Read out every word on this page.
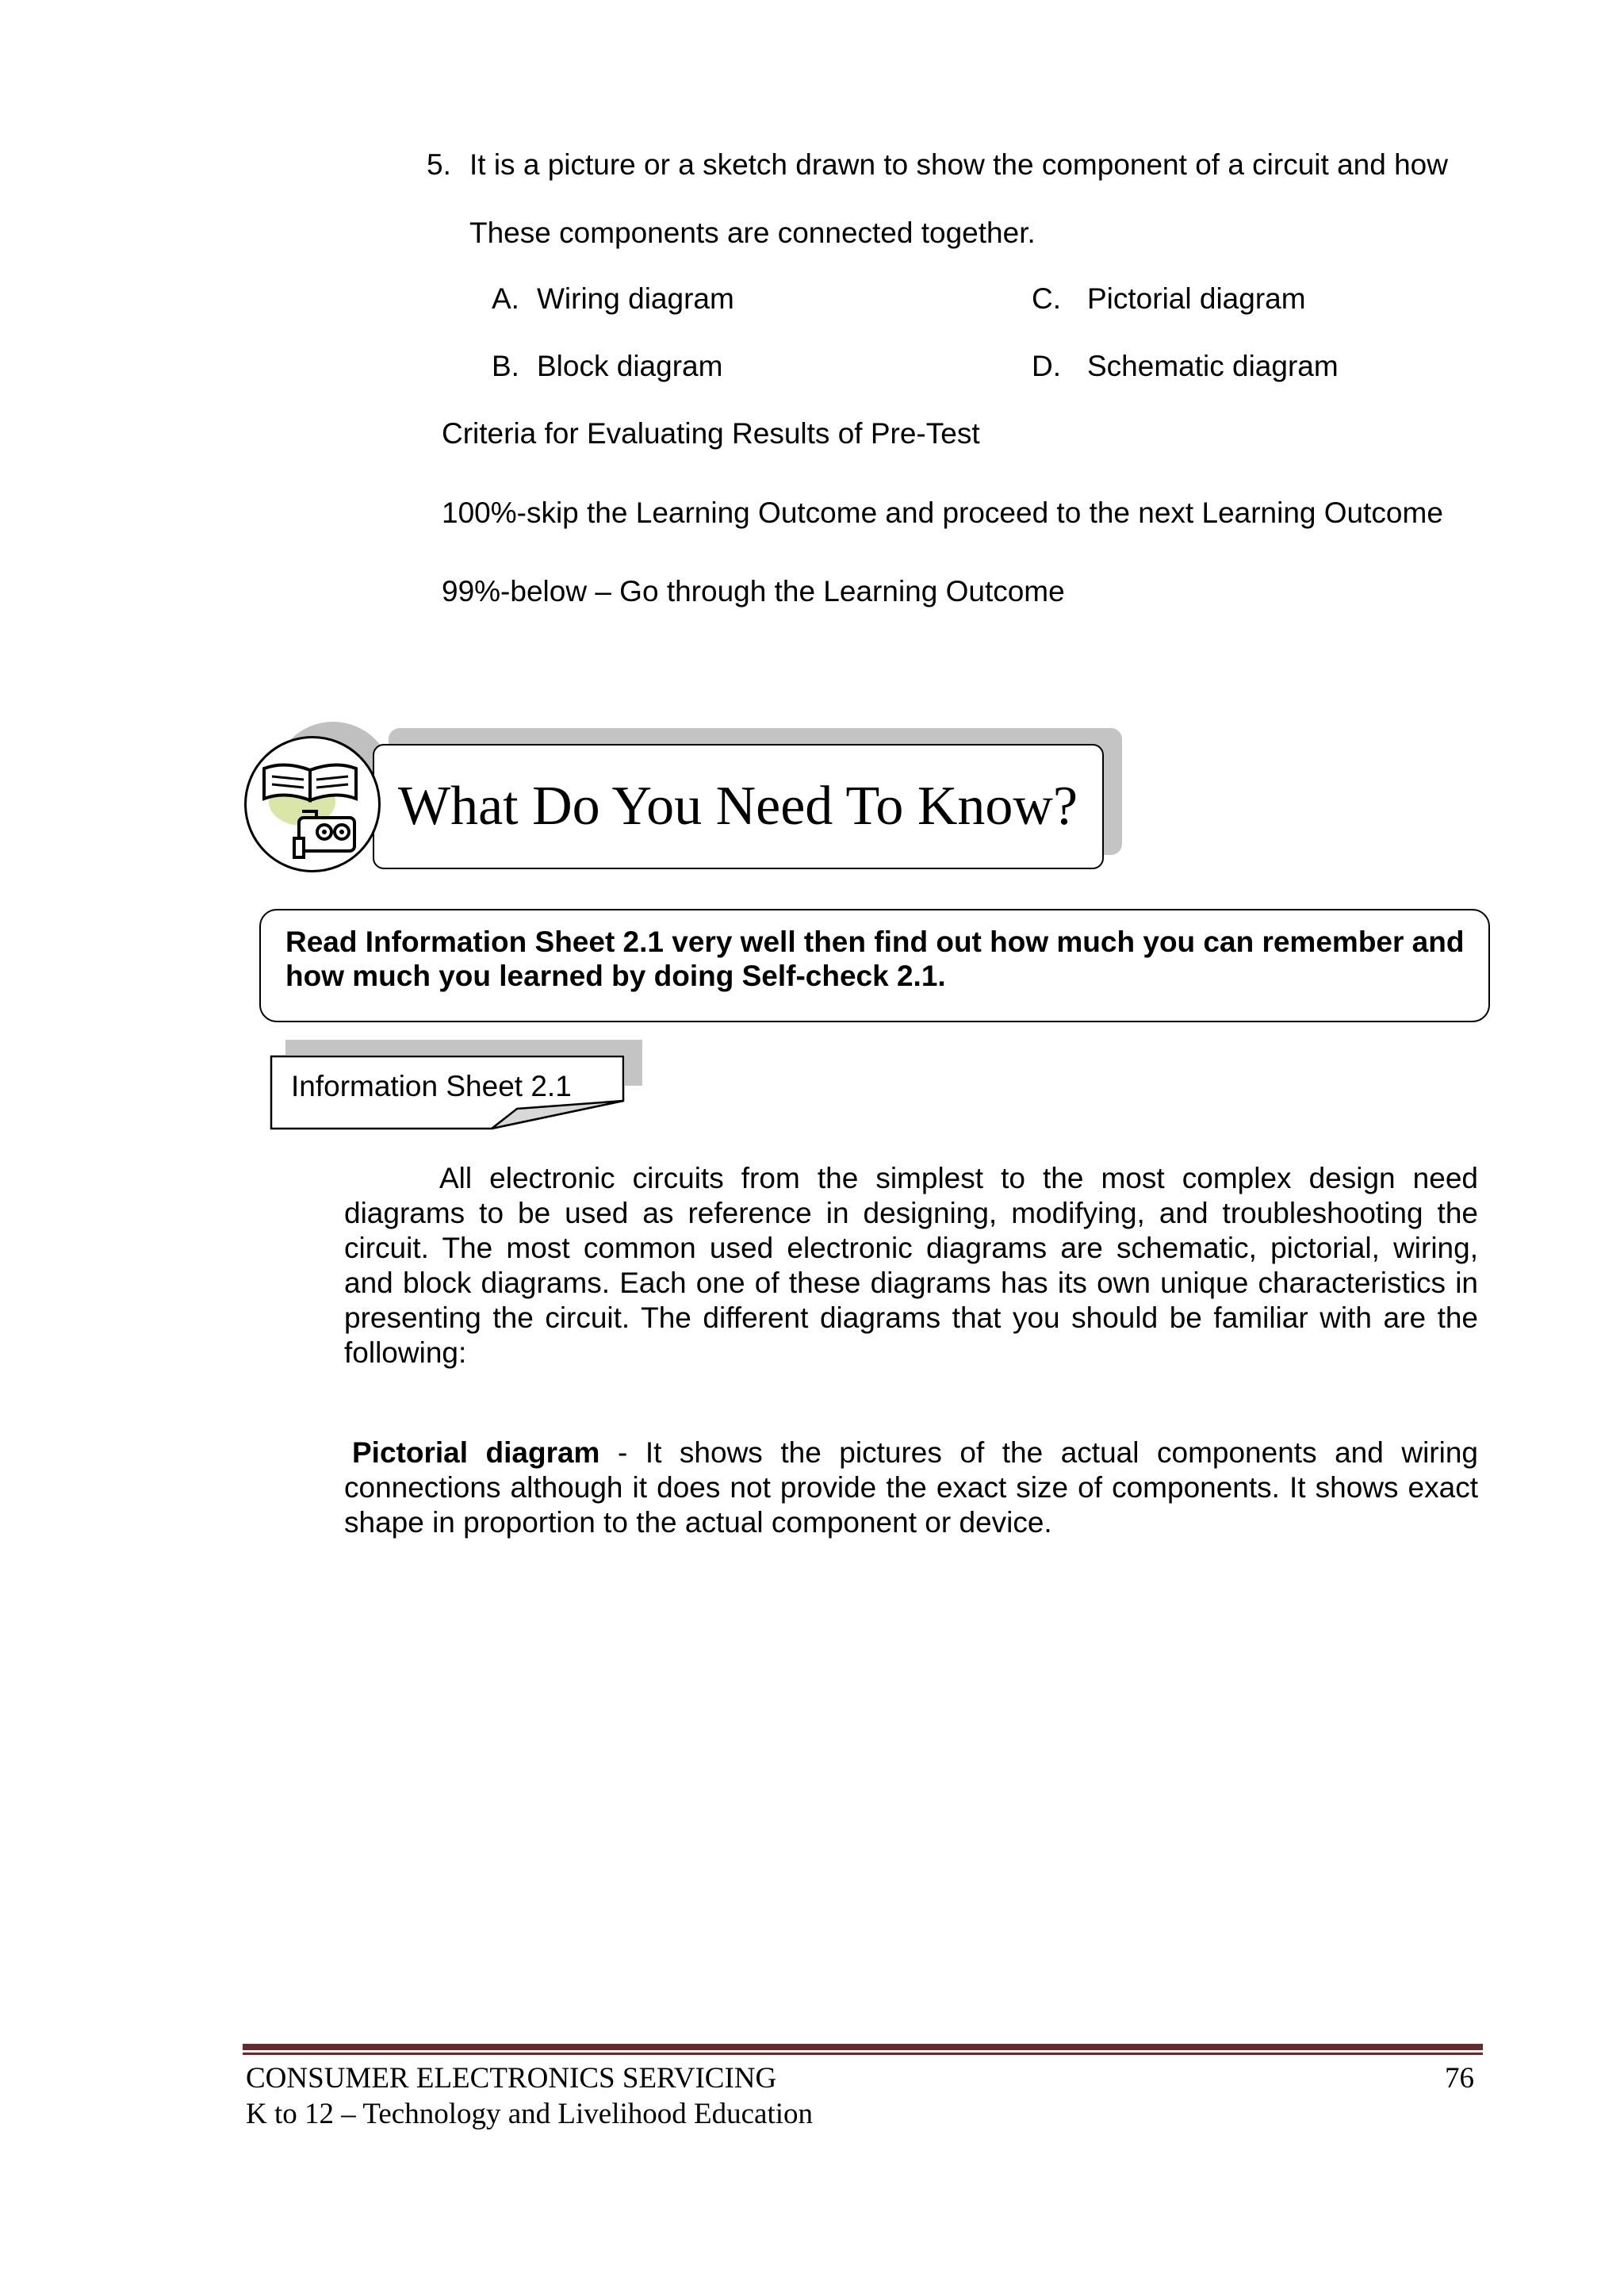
5. It is a picture or a sketch drawn to show the component of a circuit and how
These components are connected together.
A. Wiring diagram	C. Pictorial diagram
B. Block diagram	D. Schematic diagram
Criteria for Evaluating Results of Pre-Test
100%-skip the Learning Outcome and proceed to the next Learning Outcome
99%-below – Go through the Learning Outcome
What Do You Need To Know?
Read Information Sheet 2.1 very well then find out how much you can remember and how much you learned by doing Self-check 2.1.
Information Sheet 2.1
All electronic circuits from the simplest to the most complex design need diagrams to be used as reference in designing, modifying, and troubleshooting the circuit. The most common used electronic diagrams are schematic, pictorial, wiring, and block diagrams. Each one of these diagrams has its own unique characteristics in presenting the circuit. The different diagrams that you should be familiar with are the following:
Pictorial diagram - It shows the pictures of the actual components and wiring connections although it does not provide the exact size of components. It shows exact shape in proportion to the actual component or device.
CONSUMER ELECTRONICS SERVICING
K to 12 – Technology and Livelihood Education
76
